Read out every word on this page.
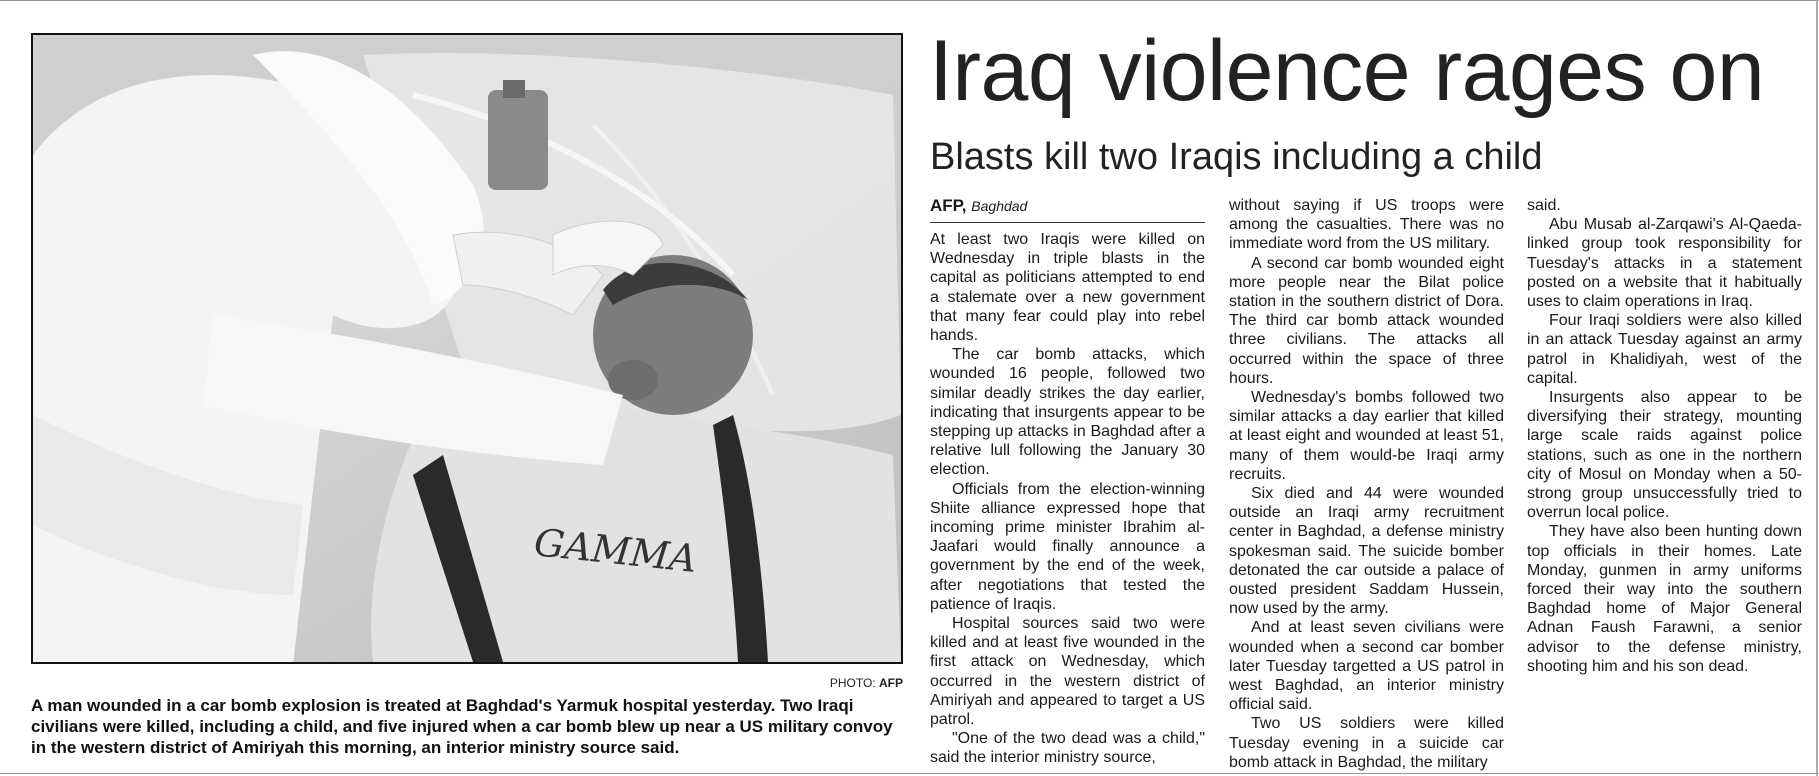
GAMMA
PHOTO: AFP
A man wounded in a car bomb explosion is treated at Baghdad's Yarmuk hospital yesterday. Two Iraqi civilians were killed, including a child, and five injured when a car bomb blew up near a US military convoy in the western district of Amiriyah this morning, an interior ministry source said.
Iraq violence rages on
Blasts kill two Iraqis including a child
AFP, Baghdad

At least two Iraqis were killed on Wednesday in triple blasts in the capital as politicians attempted to end a stalemate over a new government that many fear could play into rebel hands.

The car bomb attacks, which wounded 16 people, followed two similar deadly strikes the day earlier, indicating that insurgents appear to be stepping up attacks in Baghdad after a relative lull following the January 30 election.

Officials from the election-winning Shiite alliance expressed hope that incoming prime minister Ibrahim al-Jaafari would finally announce a government by the end of the week, after negotiations that tested the patience of Iraqis.

Hospital sources said two were killed and at least five wounded in the first attack on Wednesday, which occurred in the western district of Amiriyah and appeared to target a US patrol.

"One of the two dead was a child," said the interior ministry source,

without saying if US troops were among the casualties. There was no immediate word from the US military.

A second car bomb wounded eight more people near the Bilat police station in the southern district of Dora. The third car bomb attack wounded three civilians. The attacks all occurred within the space of three hours.

Wednesday's bombs followed two similar attacks a day earlier that killed at least eight and wounded at least 51, many of them would-be Iraqi army recruits.

Six died and 44 were wounded outside an Iraqi army recruitment center in Baghdad, a defense ministry spokesman said. The suicide bomber detonated the car outside a palace of ousted president Saddam Hussein, now used by the army.

And at least seven civilians were wounded when a second car bomber later Tuesday targetted a US patrol in west Baghdad, an interior ministry official said.

Two US soldiers were killed Tuesday evening in a suicide car bomb attack in Baghdad, the military

said.

Abu Musab al-Zarqawi's Al-Qaeda-linked group took responsibility for Tuesday's attacks in a statement posted on a website that it habitually uses to claim operations in Iraq.

Four Iraqi soldiers were also killed in an attack Tuesday against an army patrol in Khalidiyah, west of the capital.

Insurgents also appear to be diversifying their strategy, mounting large scale raids against police stations, such as one in the northern city of Mosul on Monday when a 50-strong group unsuccessfully tried to overrun local police.

They have also been hunting down top officials in their homes. Late Monday, gunmen in army uniforms forced their way into the southern Baghdad home of Major General Adnan Faush Farawni, a senior advisor to the defense ministry, shooting him and his son dead.
